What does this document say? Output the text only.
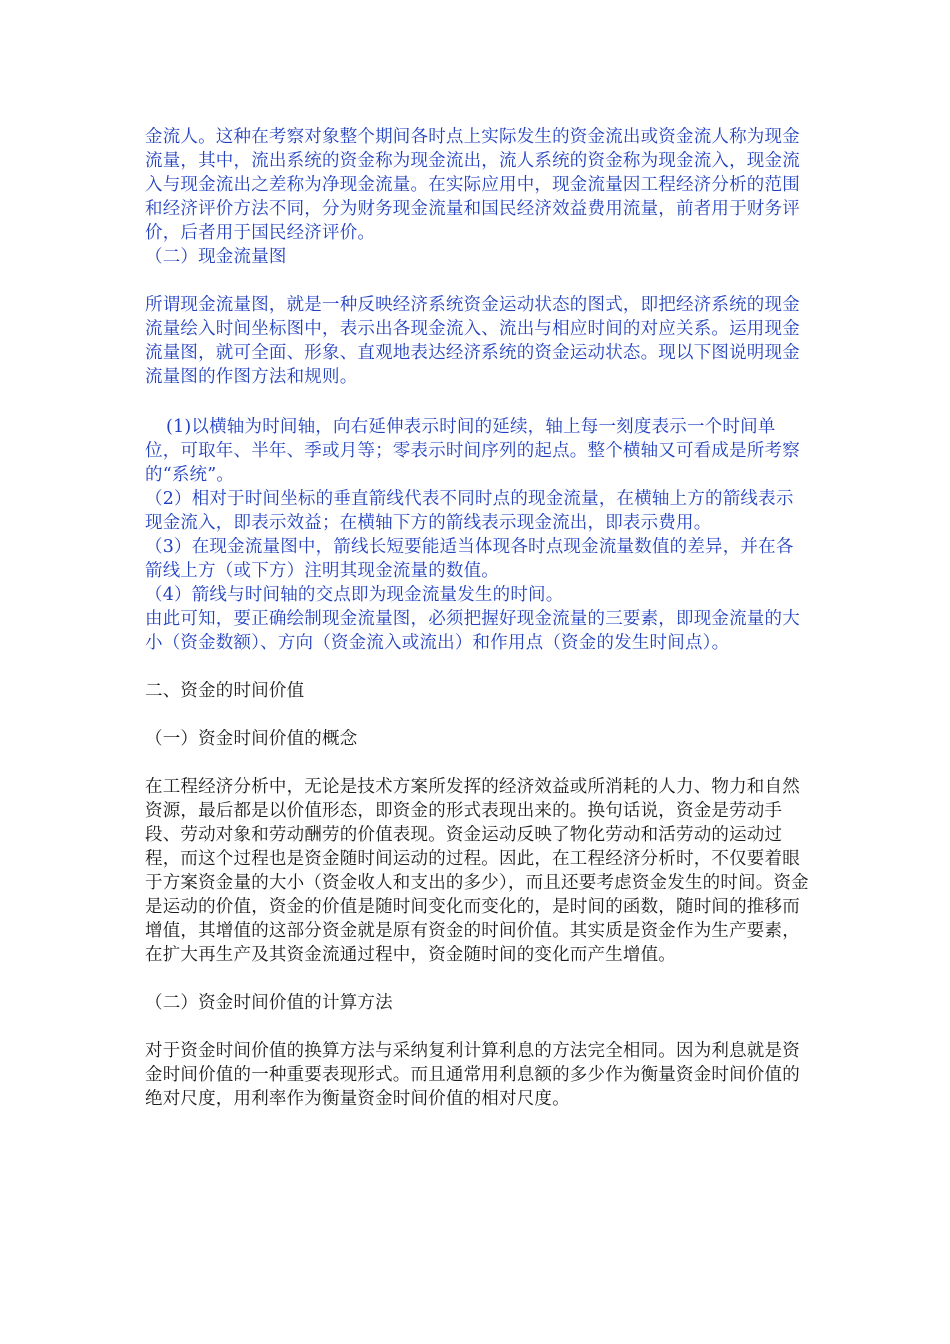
金流人。这种在考察对象整个期间各时点上实际发生的资金流出或资金流人称为现金流量，其中，流出系统的资金称为现金流出，流人系统的资金称为现金流入，现金流入与现金流出之差称为净现金流量。在实际应用中，现金流量因工程经济分析的范围和经济评价方法不同，分为财务现金流量和国民经济效益费用流量，前者用于财务评价，后者用于国民经济评价。

（二）现金流量图

所谓现金流量图，就是一种反映经济系统资金运动状态的图式，即把经济系统的现金流量绘入时间坐标图中，表示出各现金流入、流出与相应时间的对应关系。运用现金流量图，就可全面、形象、直观地表达经济系统的资金运动状态。现以下图说明现金流量图的作图方法和规则。

(1)以横轴为时间轴，向右延伸表示时间的延续，轴上每一刻度表示一个时间单位，可取年、半年、季或月等；零表示时间序列的起点。整个横轴又可看成是所考察的“系统”。

（2）相对于时间坐标的垂直箭线代表不同时点的现金流量，在横轴上方的箭线表示现金流入，即表示效益；在横轴下方的箭线表示现金流出，即表示费用。

（3）在现金流量图中，箭线长短要能适当体现各时点现金流量数值的差异，并在各箭线上方（或下方）注明其现金流量的数值。

（4）箭线与时间轴的交点即为现金流量发生的时间。

由此可知，要正确绘制现金流量图，必须把握好现金流量的三要素，即现金流量的大小（资金数额）、方向（资金流入或流出）和作用点（资金的发生时间点）。

二、资金的时间价值

（一）资金时间价值的概念

在工程经济分析中，无论是技术方案所发挥的经济效益或所消耗的人力、物力和自然资源，最后都是以价值形态，即资金的形式表现出来的。换句话说，资金是劳动手段、劳动对象和劳动酬劳的价值表现。资金运动反映了物化劳动和活劳动的运动过程，而这个过程也是资金随时间运动的过程。因此，在工程经济分析时，不仅要着眼于方案资金量的大小（资金收人和支出的多少），而且还要考虑资金发生的时间。资金是运动的价值，资金的价值是随时间变化而变化的，是时间的函数，随时间的推移而增值，其增值的这部分资金就是原有资金的时间价值。其实质是资金作为生产要素，在扩大再生产及其资金流通过程中，资金随时间的变化而产生增值。

（二）资金时间价值的计算方法

对于资金时间价值的换算方法与采纳复利计算利息的方法完全相同。因为利息就是资金时间价值的一种重要表现形式。而且通常用利息额的多少作为衡量资金时间价值的绝对尺度，用利率作为衡量资金时间价值的相对尺度。
